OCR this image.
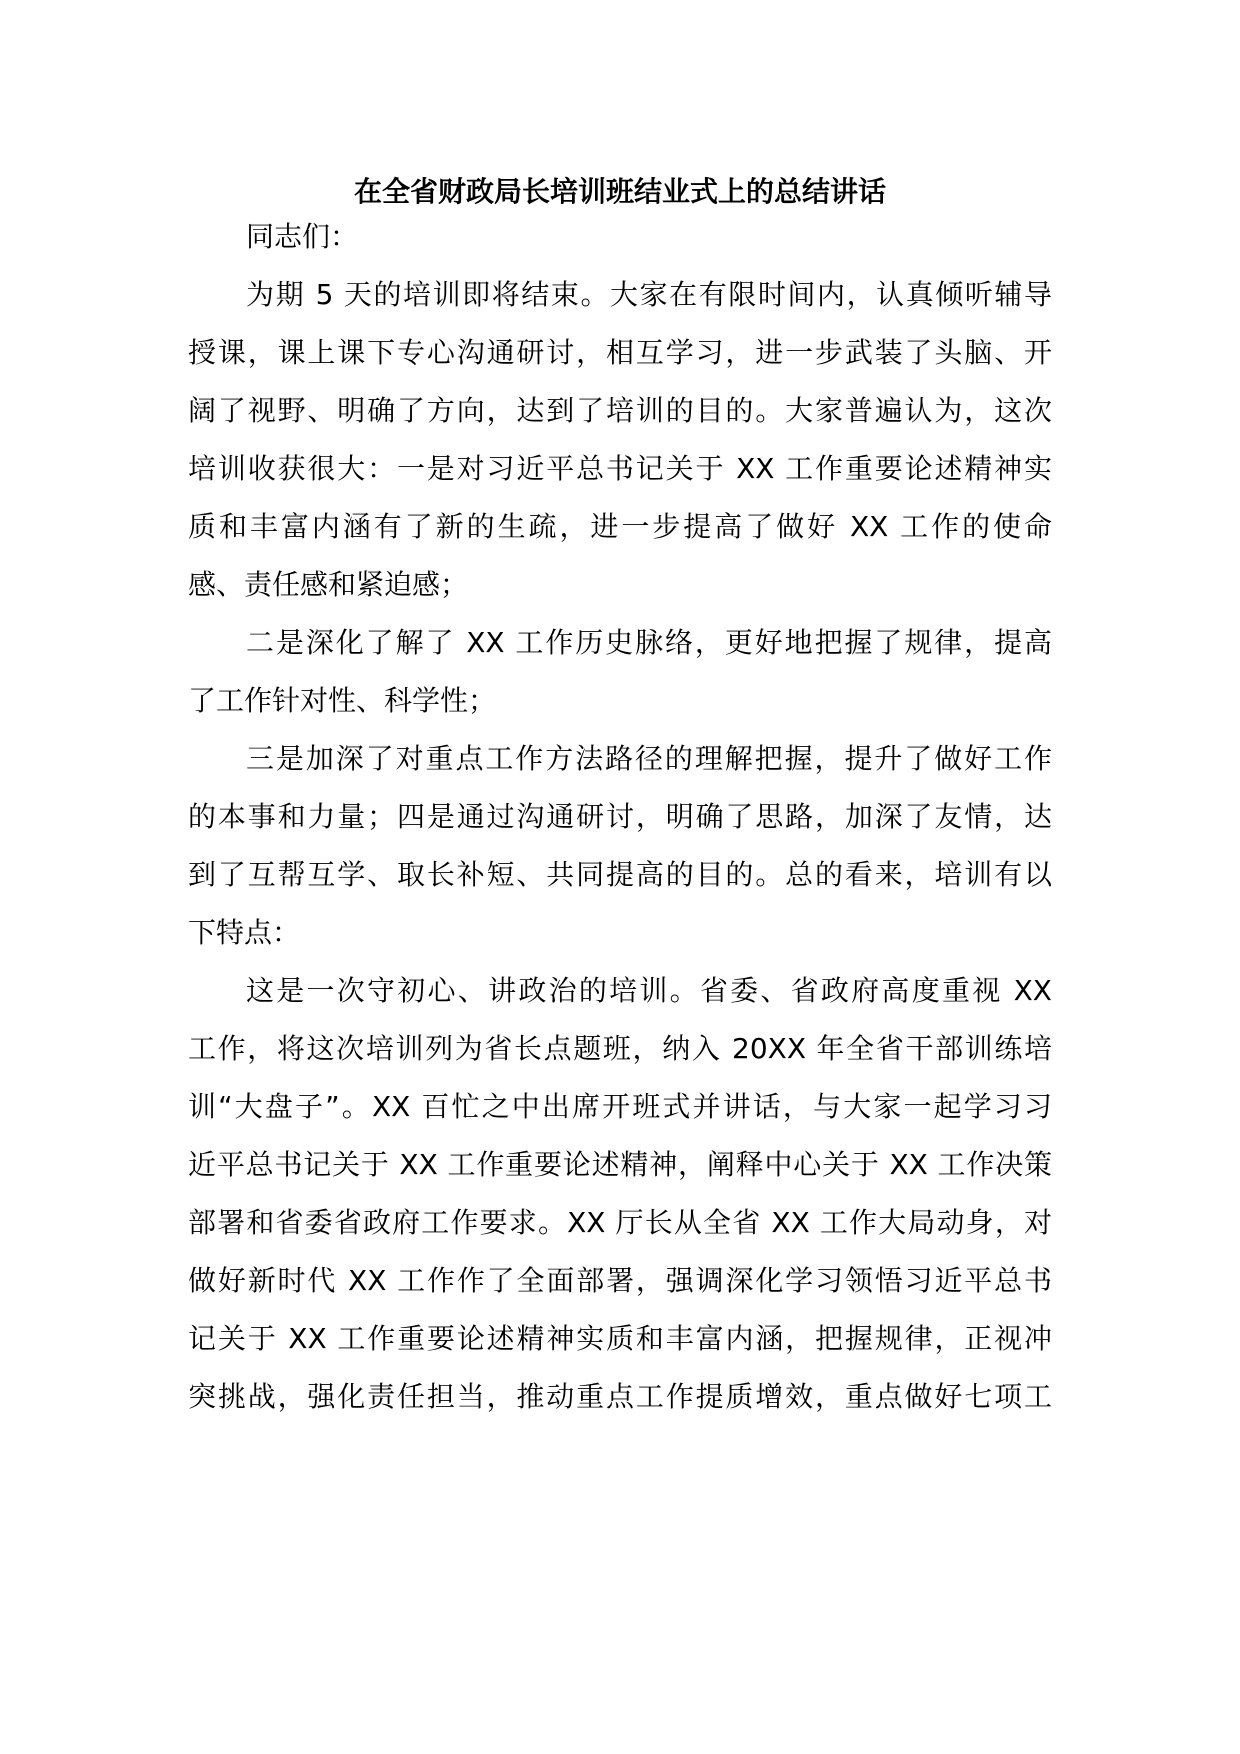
在全省财政局长培训班结业式上的总结讲话

同志们：

为期 5 天的培训即将结束。大家在有限时间内，认真倾听辅导

授课，课上课下专心沟通研讨，相互学习，进一步武装了头脑、开

阔了视野、明确了方向，达到了培训的目的。大家普遍认为，这次

培训收获很大：一是对习近平总书记关于 XX 工作重要论述精神实

质和丰富内涵有了新的生疏，进一步提高了做好 XX 工作的使命

感、责任感和紧迫感；

二是深化了解了 XX 工作历史脉络，更好地把握了规律，提高

了工作针对性、科学性；

三是加深了对重点工作方法路径的理解把握，提升了做好工作

的本事和力量；四是通过沟通研讨，明确了思路，加深了友情，达

到了互帮互学、取长补短、共同提高的目的。总的看来，培训有以

下特点：

这是一次守初心、讲政治的培训。省委、省政府高度重视 XX

工作，将这次培训列为省长点题班，纳入 20XX 年全省干部训练培

训“大盘子”。XX 百忙之中出席开班式并讲话，与大家一起学习习

近平总书记关于 XX 工作重要论述精神，阐释中心关于 XX 工作决策

部署和省委省政府工作要求。XX 厅长从全省 XX 工作大局动身，对

做好新时代 XX 工作作了全面部署，强调深化学习领悟习近平总书

记关于 XX 工作重要论述精神实质和丰富内涵，把握规律，正视冲

突挑战，强化责任担当，推动重点工作提质增效，重点做好七项工
